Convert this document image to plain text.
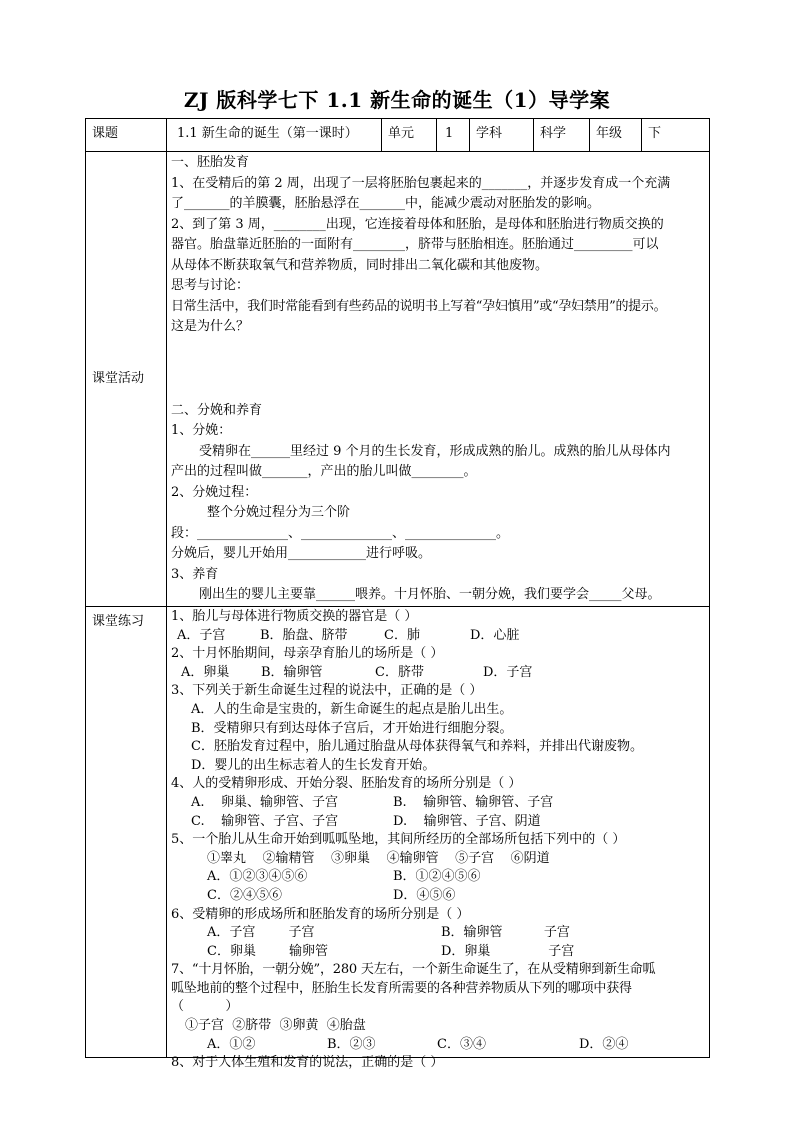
ZJ 版科学七下 1.1 新生命的诞生（1）导学案
课题	1.1 新生命的诞生（第一课时）	单元	1	学科	科学	年级	下
课堂活动

一、胚胎发育

1、在受精后的第 2 周，出现了一层将胚胎包裹起来的_______，并逐步发育成一个充满

了_______的羊膜囊，胚胎悬浮在_______中，能减少震动对胚胎发的影响。

2、到了第 3 周，________出现，它连接着母体和胚胎，是母体和胚胎进行物质交换的

器官。胎盘靠近胚胎的一面附有________，脐带与胚胎相连。胚胎通过_________可以

从母体不断获取氧气和营养物质，同时排出二氧化碳和其他废物。

思考与讨论：

日常生活中，我们时常能看到有些药品的说明书上写着“孕妇慎用”或“孕妇禁用”的提示。

这是为什么？

二、分娩和养育

1、分娩：

受精卵在______里经过 9 个月的生长发育，形成成熟的胎儿。成熟的胎儿从母体内

产出的过程叫做_______，产出的胎儿叫做________。

2、分娩过程：

整个分娩过程分为三个阶

段：______________、______________、______________。

分娩后，婴儿开始用____________进行呼吸。

3、养育

刚出生的婴儿主要靠______喂养。十月怀胎、一朝分娩，我们要学会_____父母。

课堂练习 1、胎儿与母体进行物质交换的器官是（ ）

A．子宫	B．胎盘、脐带	C．肺	D．心脏

2、十月怀胎期间，母亲孕育胎儿的场所是（ ）

A．卵巢	B．输卵管	C．脐带	D．子宫

3、下列关于新生命诞生过程的说法中，正确的是（ ）

A．人的生命是宝贵的，新生命诞生的起点是胎儿出生。

B．受精卵只有到达母体子宫后，才开始进行细胞分裂。

C．胚胎发育过程中，胎儿通过胎盘从母体获得氧气和养料，并排出代谢废物。

D．婴儿的出生标志着人的生长发育开始。

4、人的受精卵形成、开始分裂、胚胎发育的场所分别是（ ）

A.    卵巢、输卵管、子宫	B.    输卵管、输卵管、子宫

C.    输卵管、子宫、子宫	D.    输卵管、子宫、阴道

5、一个胎儿从生命开始到呱呱坠地，其间所经历的全部场所包括下列中的（ ）

①睾丸    ②输精管    ③卵巢    ④输卵管    ⑤子宫    ⑥阴道

A．①②③④⑤⑥	B．①②④⑤⑥

C．②④⑤⑥	D．④⑤⑥

6、受精卵的形成场所和胚胎发育的场所分别是（ ）

A．子宫        子宫	B．输卵管          子宫

C．卵巢        输卵管	D．卵巢              子宫

7、“十月怀胎，一朝分娩”，280 天左右，一个新生命诞生了，在从受精卵到新生命呱

呱坠地前的整个过程中，胚胎生长发育所需要的各种营养物质从下列的哪项中获得

（          ）

①子宫  ②脐带  ③卵黄  ④胎盘

A．①②	B．②③	C．③④	D．②④

8、对于人体生殖和发育的说法，正确的是（ ）
